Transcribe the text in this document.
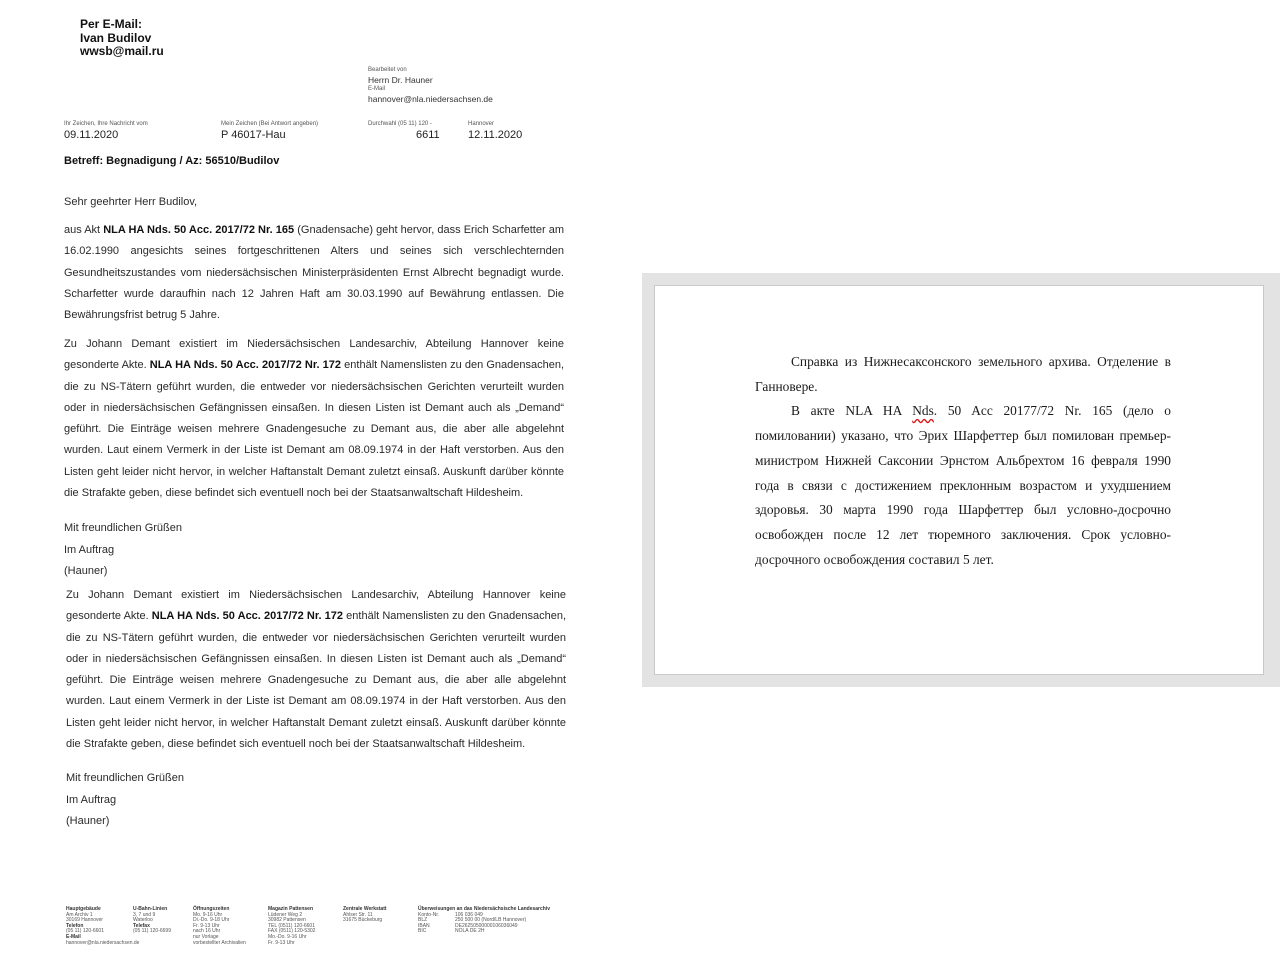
Per E-Mail:
Ivan Budilov
wwsb@mail.ru
Bearbeitet von
Herrn Dr. Hauner
E-Mail
hannover@nla.niedersachsen.de
Ihr Zeichen, Ihre Nachricht vom
09.11.2020
Mein Zeichen (Bei Antwort angeben)
P 46017-Hau
Durchwahl (05 11) 120 -
6611
Hannover
12.11.2020
Betreff: Begnadigung / Az: 56510/Budilov
Sehr geehrter Herr Budilov,

aus Akt NLA HA Nds. 50 Acc. 2017/72 Nr. 165 (Gnadensache) geht hervor, dass Erich Scharfetter am 16.02.1990 angesichts seines fortgeschrittenen Alters und seines sich verschlechternden Gesundheitszustandes vom niedersächsischen Ministerpräsidenten Ernst Albrecht begnadigt wurde. Scharfetter wurde daraufhin nach 12 Jahren Haft am 30.03.1990 auf Bewährung entlassen. Die Bewährungsfrist betrug 5 Jahre.

Zu Johann Demant existiert im Niedersächsischen Landesarchiv, Abteilung Hannover keine gesonderte Akte. NLA HA Nds. 50 Acc. 2017/72 Nr. 172 enthält Namenslisten zu den Gnadensachen, die zu NS-Tätern geführt wurden, die entweder vor niedersächsischen Gerichten verurteilt wurden oder in niedersächsischen Gefängnissen einsaßen. In diesen Listen ist Demant auch als „Demand“ geführt. Die Einträge weisen mehrere Gnadengesuche zu Demant aus, die aber alle abgelehnt wurden. Laut einem Vermerk in der Liste ist Demant am 08.09.1974 in der Haft verstorben. Aus den Listen geht leider nicht hervor, in welcher Haftanstalt Demant zuletzt einsaß. Auskunft darüber könnte die Strafakte geben, diese befindet sich eventuell noch bei der Staatsanwaltschaft Hildesheim.

Mit freundlichen Grüßen
Im Auftrag
(Hauner)

Zu Johann Demant existiert im Niedersächsischen Landesarchiv, Abteilung Hannover keine gesonderte Akte. NLA HA Nds. 50 Acc. 2017/72 Nr. 172 enthält Namenslisten zu den Gnadensachen, die zu NS-Tätern geführt wurden, die entweder vor niedersächsischen Gerichten verurteilt wurden oder in niedersächsischen Gefängnissen einsaßen. In diesen Listen ist Demant auch als „Demand“ geführt. Die Einträge weisen mehrere Gnadengesuche zu Demant aus, die aber alle abgelehnt wurden. Laut einem Vermerk in der Liste ist Demant am 08.09.1974 in der Haft verstorben. Aus den Listen geht leider nicht hervor, in welcher Haftanstalt Demant zuletzt einsaß. Auskunft darüber könnte die Strafakte geben, diese befindet sich eventuell noch bei der Staatsanwaltschaft Hildesheim.

Mit freundlichen Grüßen
Im Auftrag
(Hauner)
Hauptgebäude
Am Archiv 1
30169 Hannover
Telefon
(05 11) 120-6601
E-Mail
hannover@nla.niedersachsen.de
U-Bahn-Linien
3, 7 und 9
Waterloo
Telefax
(05 11) 120-6699
Öffnungszeiten
Mo. 9-16 Uhr
Di.-Do. 9-18 Uhr
Fr. 9-13 Uhr
nach 16 Uhr
nur Vorlage
vorbestellter Archivalien
Magazin Pattensen
Lüdener Weg 2
30982 Pattensen
TEL (0511) 120-6601
FAX (0511) 120-5302
Mo.-Do. 9-16 Uhr
Fr. 9-13 Uhr
Zentrale Werkstatt
Ahlser Str. 11
31675 Bückeburg
Überweisungen an das Niedersächsische Landesarchiv
Konto-Nr.
BLZ
IBAN
BIC
106 036 049
250 500 00 (Nord/LB Hannover)
DE26250500000106036049
NOLA DE 2H

Справка из Нижнесаксонского земельного архива. Отделение в Ганновере.

В акте NLA HA Nds. 50 Acc 20177/72 Nr. 165 (дело о помиловании) указано, что Эрих Шарфеттер был помилован премьер-министром Нижней Саксонии Эрнстом Альбрехтом 16 февраля 1990 года в связи с достижением преклонным возрастом и ухудшением здоровья. 30 марта 1990 года Шарфеттер был условно-досрочно освобожден после 12 лет тюремного заключения. Срок условно-досрочного освобождения составил 5 лет.
